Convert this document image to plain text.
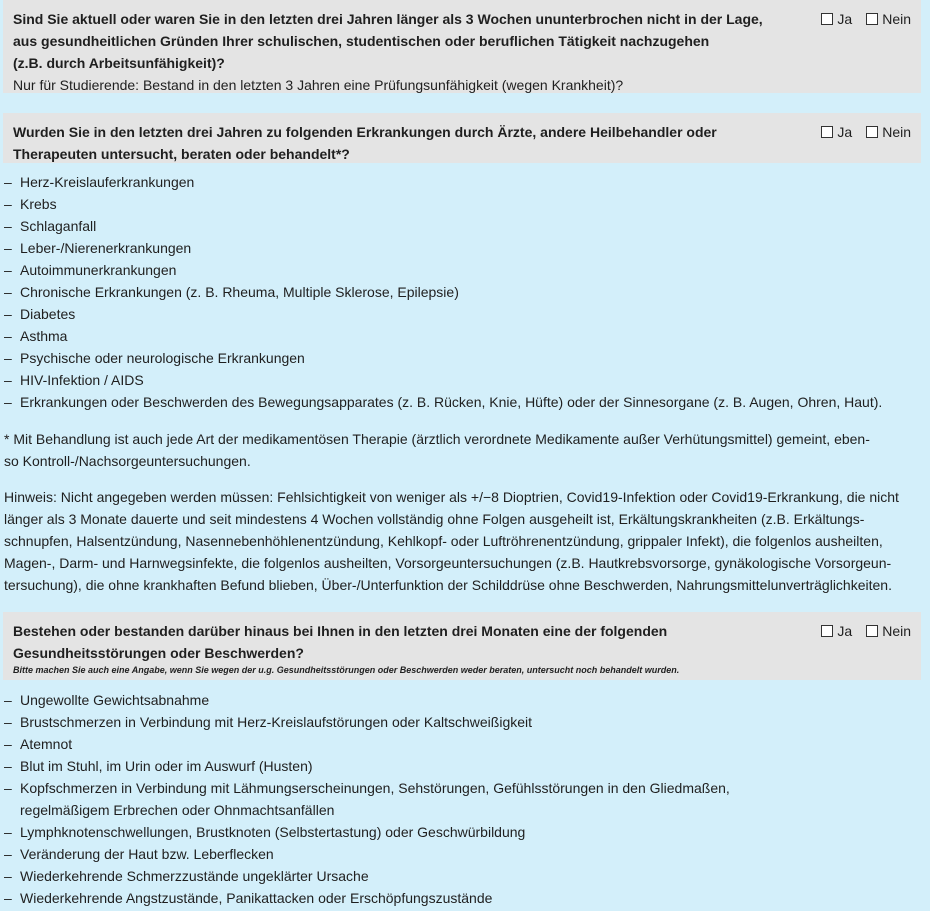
Sind Sie aktuell oder waren Sie in den letzten drei Jahren länger als 3 Wochen ununterbrochen nicht in der Lage,
aus gesundheitlichen Gründen Ihrer schulischen, studentischen oder beruflichen Tätigkeit nachzugehen
(z.B. durch Arbeitsunfähigkeit)?
Nur für Studierende: Bestand in den letzten 3 Jahren eine Prüfungsunfähigkeit (wegen Krankheit)?
Ja Nein
Wurden Sie in den letzten drei Jahren zu folgenden Erkrankungen durch Ärzte, andere Heilbehandler oder
Therapeuten untersucht, beraten oder behandelt*?
Ja Nein
– Herz-Kreislauferkrankungen
– Krebs
– Schlaganfall
– Leber-/Nierenerkrankungen
– Autoimmunerkrankungen
– Chronische Erkrankungen (z. B. Rheuma, Multiple Sklerose, Epilepsie)
– Diabetes
– Asthma
– Psychische oder neurologische Erkrankungen
– HIV-Infektion / AIDS
– Erkrankungen oder Beschwerden des Bewegungsapparates (z. B. Rücken, Knie, Hüfte) oder der Sinnesorgane (z. B. Augen, Ohren, Haut).
* Mit Behandlung ist auch jede Art der medikamentösen Therapie (ärztlich verordnete Medikamente außer Verhütungsmittel) gemeint, eben-
so Kontroll-/Nachsorgeuntersuchungen.
Hinweis: Nicht angegeben werden müssen: Fehlsichtigkeit von weniger als +/−8 Dioptrien, Covid19-Infektion oder Covid19-Erkrankung, die nicht
länger als 3 Monate dauerte und seit mindestens 4 Wochen vollständig ohne Folgen ausgeheilt ist, Erkältungskrankheiten (z.B. Erkältungs-
schnupfen, Halsentzündung, Nasennebenhöhlenentzündung, Kehlkopf- oder Luftröhrenentzündung, grippaler Infekt), die folgenlos ausheilten,
Magen-, Darm- und Harnwegsinfekte, die folgenlos ausheilten, Vorsorgeuntersuchungen (z.B. Hautkrebsvorsorge, gynäkologische Vorsorgeun-
tersuchung), die ohne krankhaften Befund blieben, Über-/Unterfunktion der Schilddrüse ohne Beschwerden, Nahrungsmittelunverträglichkeiten.
Bestehen oder bestanden darüber hinaus bei Ihnen in den letzten drei Monaten eine der folgenden
Gesundheitsstörungen oder Beschwerden?
Bitte machen Sie auch eine Angabe, wenn Sie wegen der u.g. Gesundheitsstörungen oder Beschwerden weder beraten, untersucht noch behandelt wurden.
Ja Nein
– Ungewollte Gewichtsabnahme
– Brustschmerzen in Verbindung mit Herz-Kreislaufstörungen oder Kaltschweißigkeit
– Atemnot
– Blut im Stuhl, im Urin oder im Auswurf (Husten)
– Kopfschmerzen in Verbindung mit Lähmungserscheinungen, Sehstörungen, Gefühlsstörungen in den Gliedmaßen,
regelmäßigem Erbrechen oder Ohnmachtsanfällen
– Lymphknotenschwellungen, Brustknoten (Selbstertastung) oder Geschwürbildung
– Veränderung der Haut bzw. Leberflecken
– Wiederkehrende Schmerzzustände ungeklärter Ursache
– Wiederkehrende Angstzustände, Panikattacken oder Erschöpfungszustände
